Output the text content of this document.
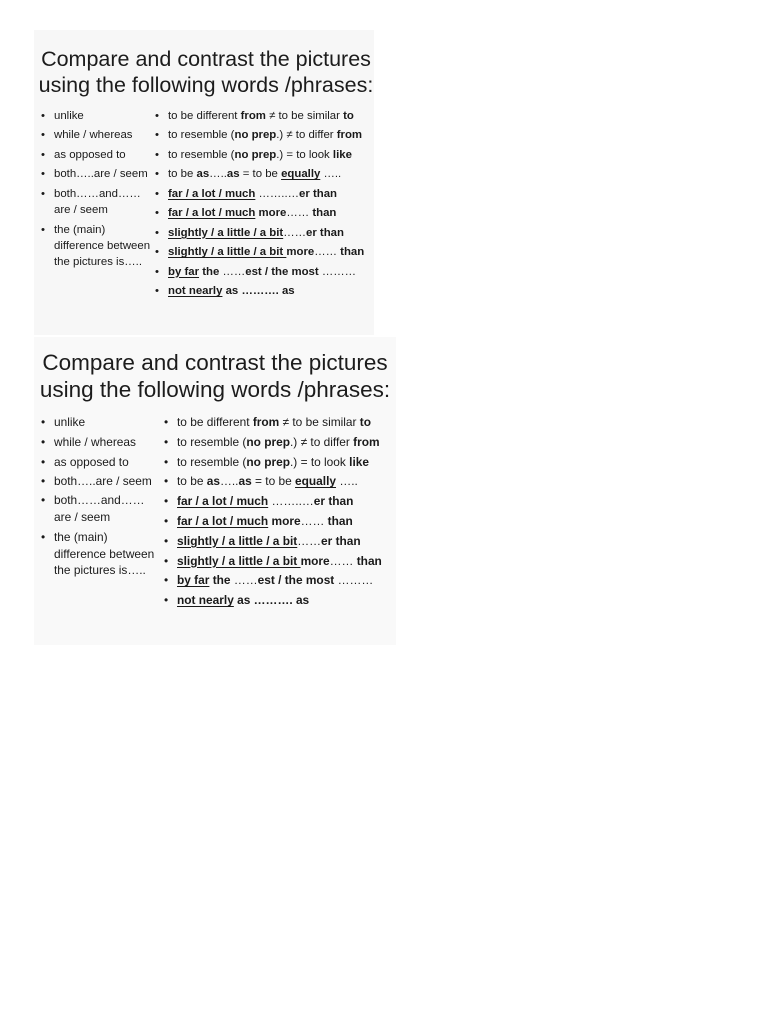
Compare and contrast the pictures
using the following words /phrases:
• unlike
• while / whereas
• as opposed to
• both…..are / seem
• both……and……
are / seem
• the (main)
difference between
the pictures is…..
• to be different from ≠ to be similar to
• to resemble (no prep.) ≠ to differ from
• to resemble (no prep.) = to look like
• to be as…..as = to be equally …..
• far / a lot / much ……..…er than
• far / a lot / much more…… than
• slightly / a little / a bit……er than
• slightly / a little / a bit more…… than
• by far the ……est / the most ………
• not nearly as ………. as
Compare and contrast the pictures
using the following words /phrases:
• unlike
• while / whereas
• as opposed to
• both…..are / seem
• both……and……
are / seem
• the (main)
difference between
the pictures is…..
• to be different from ≠ to be similar to
• to resemble (no prep.) ≠ to differ from
• to resemble (no prep.) = to look like
• to be as…..as = to be equally …..
• far / a lot / much ……..…er than
• far / a lot / much more…… than
• slightly / a little / a bit……er than
• slightly / a little / a bit more…… than
• by far the ……est / the most ………
• not nearly as ………. as
